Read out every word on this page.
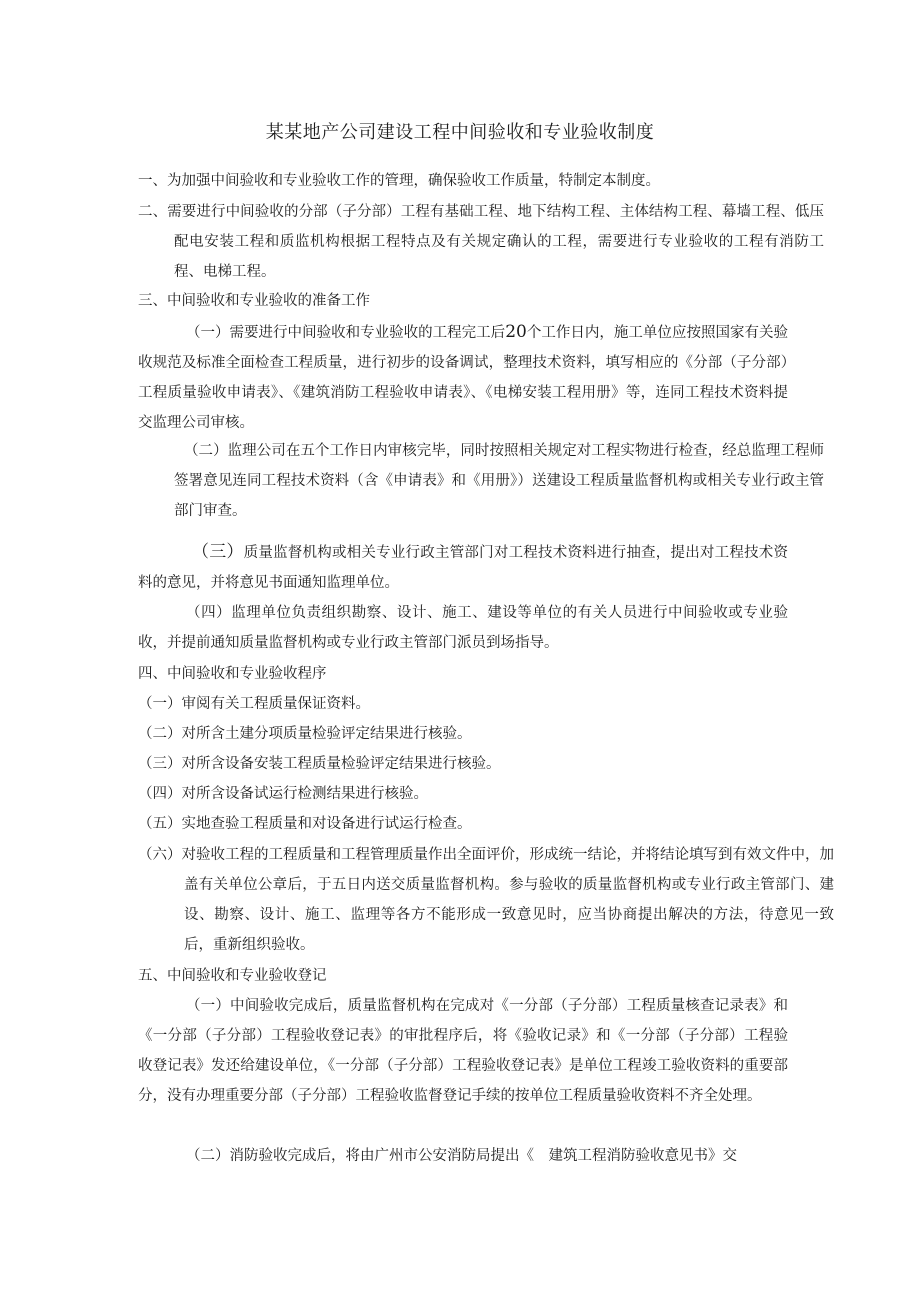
某某地产公司建设工程中间验收和专业验收制度
一、为加强中间验收和专业验收工作的管理，确保验收工作质量，特制定本制度。
二、需要进行中间验收的分部（子分部）工程有基础工程、地下结构工程、主体结构工程、幕墙工程、低压配电安装工程和质监机构根据工程特点及有关规定确认的工程，需要进行专业验收的工程有消防工程、电梯工程。
三、中间验收和专业验收的准备工作
（一）需要进行中间验收和专业验收的工程完工后20个工作日内，施工单位应按照国家有关验收规范及标准全面检查工程质量，进行初步的设备调试，整理技术资料，填写相应的《分部（子分部）工程质量验收申请表》、《建筑消防工程验收申请表》、《电梯安装工程用册》等，连同工程技术资料提交监理公司审核。
（二）监理公司在五个工作日内审核完毕，同时按照相关规定对工程实物进行检查，经总监理工程师签署意见连同工程技术资料（含《申请表》和《用册》）送建设工程质量监督机构或相关专业行政主管部门审查。
（三）质量监督机构或相关专业行政主管部门对工程技术资料进行抽查，提出对工程技术资料的意见，并将意见书面通知监理单位。
（四）监理单位负责组织勘察、设计、施工、建设等单位的有关人员进行中间验收或专业验收，并提前通知质量监督机构或专业行政主管部门派员到场指导。
四、中间验收和专业验收程序
（一）审阅有关工程质量保证资料。
（二）对所含土建分项质量检验评定结果进行核验。
（三）对所含设备安装工程质量检验评定结果进行核验。
（四）对所含设备试运行检测结果进行核验。
（五）实地查验工程质量和对设备进行试运行检查。
（六）对验收工程的工程质量和工程管理质量作出全面评价，形成统一结论，并将结论填写到有效文件中，加盖有关单位公章后，于五日内送交质量监督机构。参与验收的质量监督机构或专业行政主管部门、建设、勘察、设计、施工、监理等各方不能形成一致意见时，应当协商提出解决的方法，待意见一致后，重新组织验收。
五、中间验收和专业验收登记
（一）中间验收完成后，质量监督机构在完成对《一分部（子分部）工程质量核查记录表》和《一分部（子分部）工程验收登记表》的审批程序后，将《验收记录》和《一分部（子分部）工程验收登记表》发还给建设单位，《一分部（子分部）工程验收登记表》是单位工程竣工验收资料的重要部分，没有办理重要分部（子分部）工程验收监督登记手续的按单位工程质量验收资料不齐全处理。
（二）消防验收完成后，将由广州市公安消防局提出《　建筑工程消防验收意见书》交
